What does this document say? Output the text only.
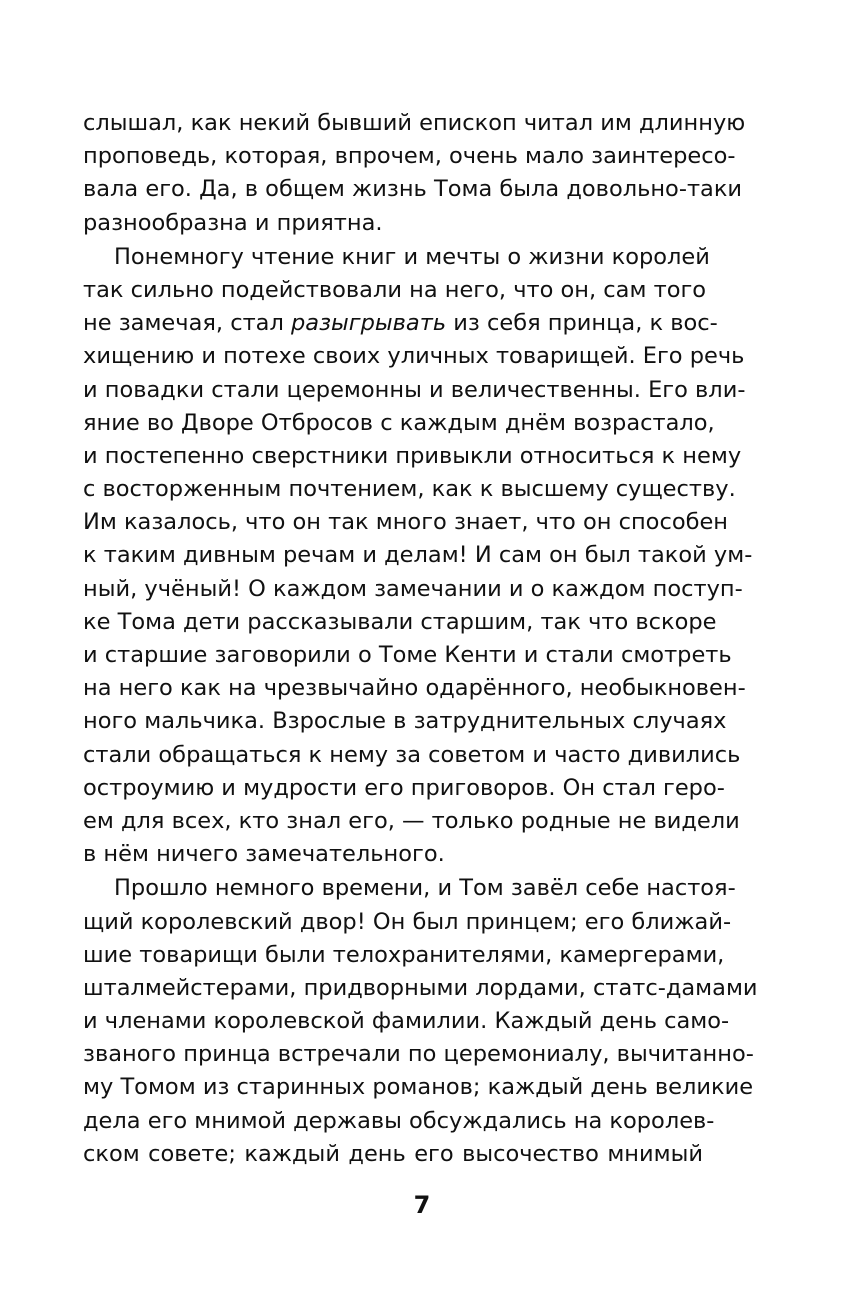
слышал, как некий бывший епископ читал им длинную
проповедь, которая, впрочем, очень мало заинтересо-
вала его. Да, в общем жизнь Тома была довольно-таки
разнообразна и приятна.
Понемногу чтение книг и мечты о жизни королей
так сильно подействовали на него, что он, сам того
не замечая, стал разыгрывать из себя принца, к вос-
хищению и потехе своих уличных товарищей. Его речь
и повадки стали церемонны и величественны. Его вли-
яние во Дворе Отбросов с каждым днём возрастало,
и постепенно сверстники привыкли относиться к нему
с восторженным почтением, как к высшему существу.
Им казалось, что он так много знает, что он способен
к таким дивным речам и делам! И сам он был такой ум-
ный, учёный! О каждом замечании и о каждом поступ-
ке Тома дети рассказывали старшим, так что вскоре
и старшие заговорили о Томе Кенти и стали смотреть
на него как на чрезвычайно одарённого, необыкновен-
ного мальчика. Взрослые в затруднительных случаях
стали обращаться к нему за советом и часто дивились
остроумию и мудрости его приговоров. Он стал геро-
ем для всех, кто знал его, — только родные не видели
в нём ничего замечательного.
Прошло немного времени, и Том завёл себе настоя-
щий королевский двор! Он был принцем; его ближай-
шие товарищи были телохранителями, камергерами,
шталмейстерами, придворными лордами, статс-дамами
и членами королевской фамилии. Каждый день само-
званого принца встречали по церемониалу, вычитанно-
му Томом из старинных романов; каждый день великие
дела его мнимой державы обсуждались на королев-
ском совете; каждый день его высочество мнимый
7
